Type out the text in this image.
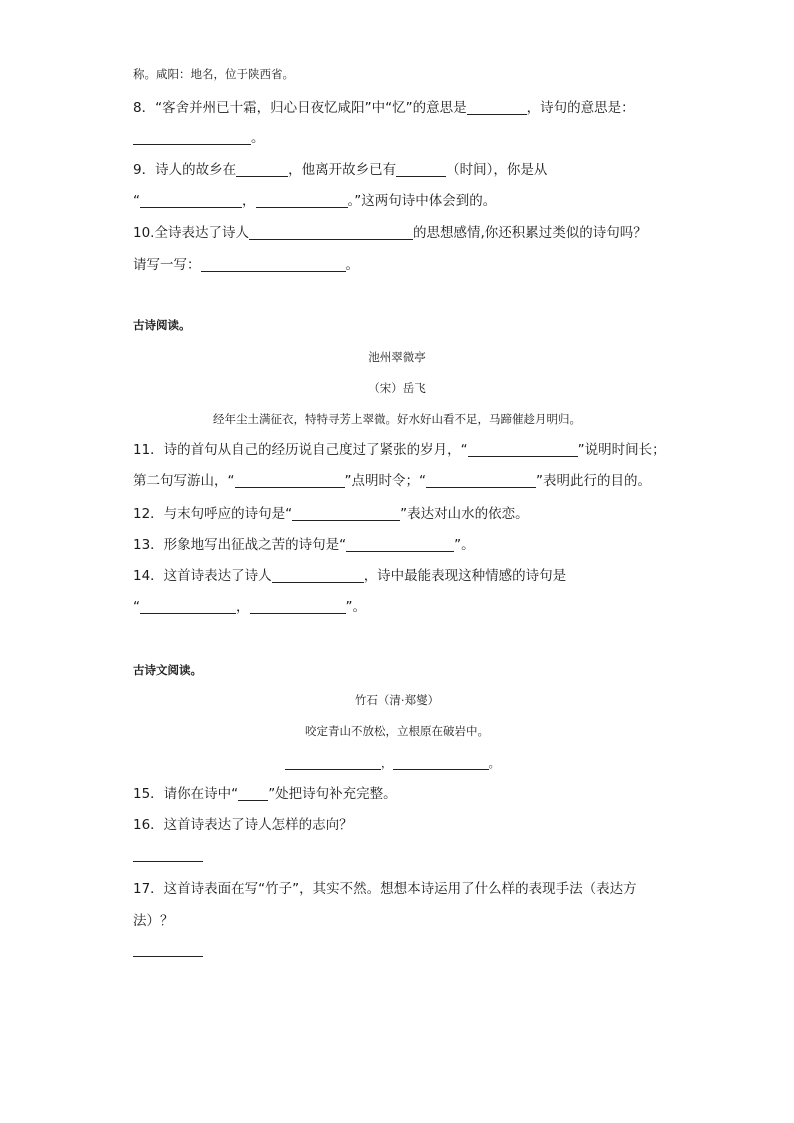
称。咸阳：地名，位于陕西省。
8．“客舍并州已十霜，归心日夜忆咸阳”中“忆”的意思是	，诗句的意思是：
。
9．诗人的故乡在	，他离开故乡已有	（时间），你是从
“	，	。”这两句诗中体会到的。
10.全诗表达了诗人	的思想感情,你还积累过类似的诗句吗？
请写一写：	。
古诗阅读。
池州翠微亭
（宋）岳飞
经年尘土满征衣，特特寻芳上翠微。好水好山看不足，马蹄催趁月明归。
11．诗的首句从自己的经历说自己度过了紧张的岁月，“	”说明时间长；
第二句写游山，“	”点明时令；“	”表明此行的目的。
12．与末句呼应的诗句是“	”表达对山水的依恋。
13．形象地写出征战之苦的诗句是“	”。
14．这首诗表达了诗人	，诗中最能表现这种情感的诗句是
“	，	”。
古诗文阅读。
竹石（清·郑燮）
咬定青山不放松，立根原在破岩中。
，	。
15．请你在诗中“ ”处把诗句补充完整。
16．这首诗表达了诗人怎样的志向？
17．这首诗表面在写“竹子”，其实不然。想想本诗运用了什么样的表现手法（表达方
法）？
